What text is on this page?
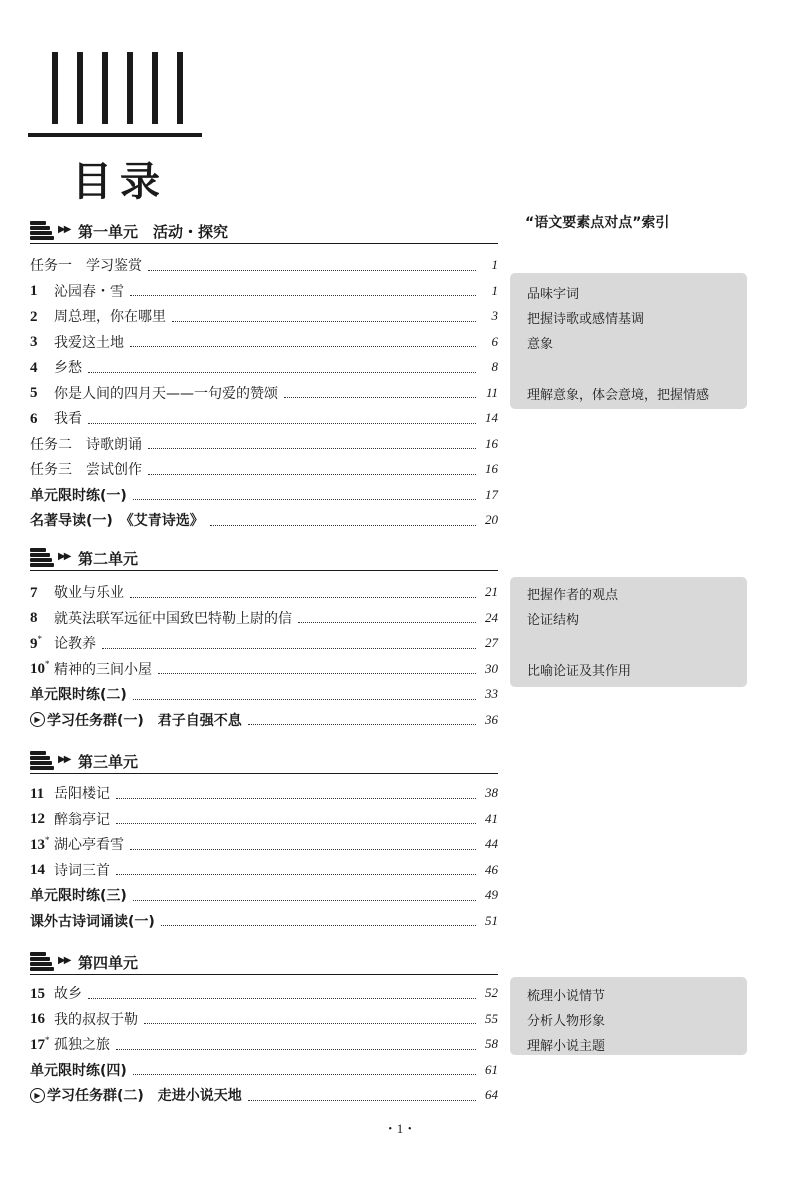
目录
“语文要素点对点”索引
▶▶ 第一单元　活动・探究
任务一　学习鉴赏	1
1	沁园春・雪	1
2	周总理，你在哪里	3
3	我爱这土地	6
4	乡愁	8
5	你是人间的四月天——一句爱的赞颂	11
6	我看	14
任务二　诗歌朗诵	16
任务三　尝试创作	16
单元限时练(一)	17
名著导读(一)　《艾青诗选》	20
▶▶ 第二单元
7	敬业与乐业	21
8	就英法联军远征中国致巴特勒上尉的信	24
9* 论教养	27
10* 精神的三间小屋	30
单元限时练(二)	33
▶ 学习任务群(一)　君子自强不息	36
▶▶ 第三单元
11 岳阳楼记	38
12 醉翁亭记	41
13* 湖心亭看雪	44
14 诗词三首	46
单元限时练(三)	49
课外古诗词诵读(一)	51
▶▶ 第四单元
15 故乡	52
16 我的叔叔于勒	55
17* 孤独之旅	58
单元限时练(四)	61
▶ 学习任务群(二)　走进小说天地	64
品味字词
把握诗歌或感情基调
意象
理解意象，体会意境，把握情感
把握作者的观点
论证结构
比喻论证及其作用
梳理小说情节
分析人物形象
理解小说主题
・1・
